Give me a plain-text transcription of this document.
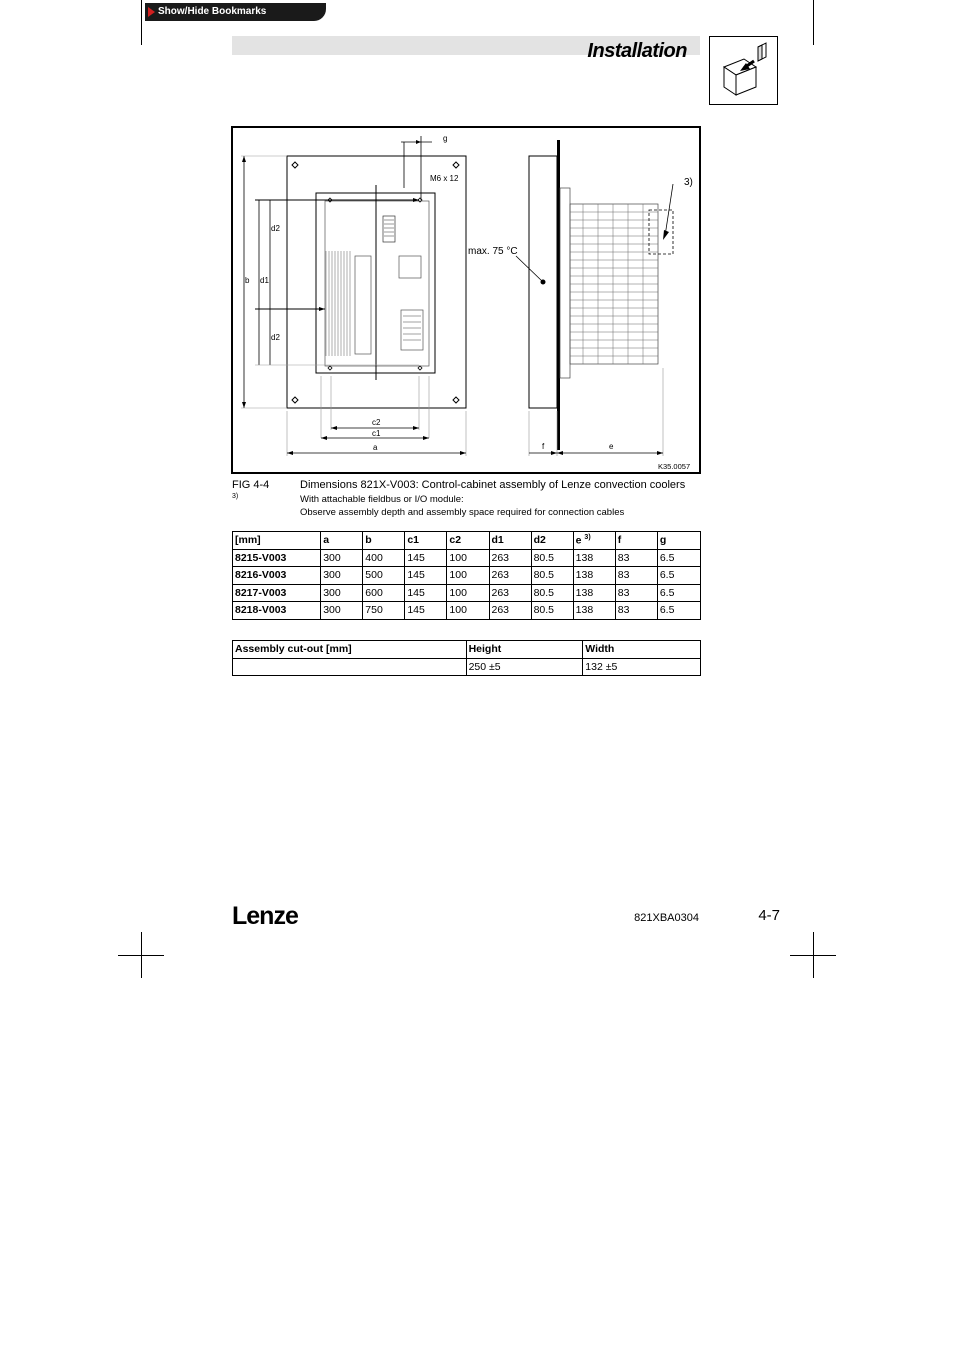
Show/Hide Bookmarks
Installation
g
M6 x 12
d2
b d1
d2
c2
c1
a	f	e
K35.0057
3)
max. 75 °C
FIG 4-4	Dimensions 821X-V003: Control-cabinet assembly of Lenze convection coolers
3)	With attachable fieldbus or I/O module:
Observe assembly depth and assembly space required for connection cables
[mm]	a	b	c1	c2	d1	d2	e $^{3)}$	f	g
8215-V003	300	400	145	100	263	80.5	138	83	6.5
8216-V003	300	500	145	100	263	80.5	138	83	6.5
8217-V003	300	600	145	100	263	80.5	138	83	6.5
8218-V003	300	750	145	100	263	80.5	138	83	6.5
Assembly cut-out [mm]	Height	Width
	250 ±5	132 ±5
Lenze	821XBA0304	4-7
